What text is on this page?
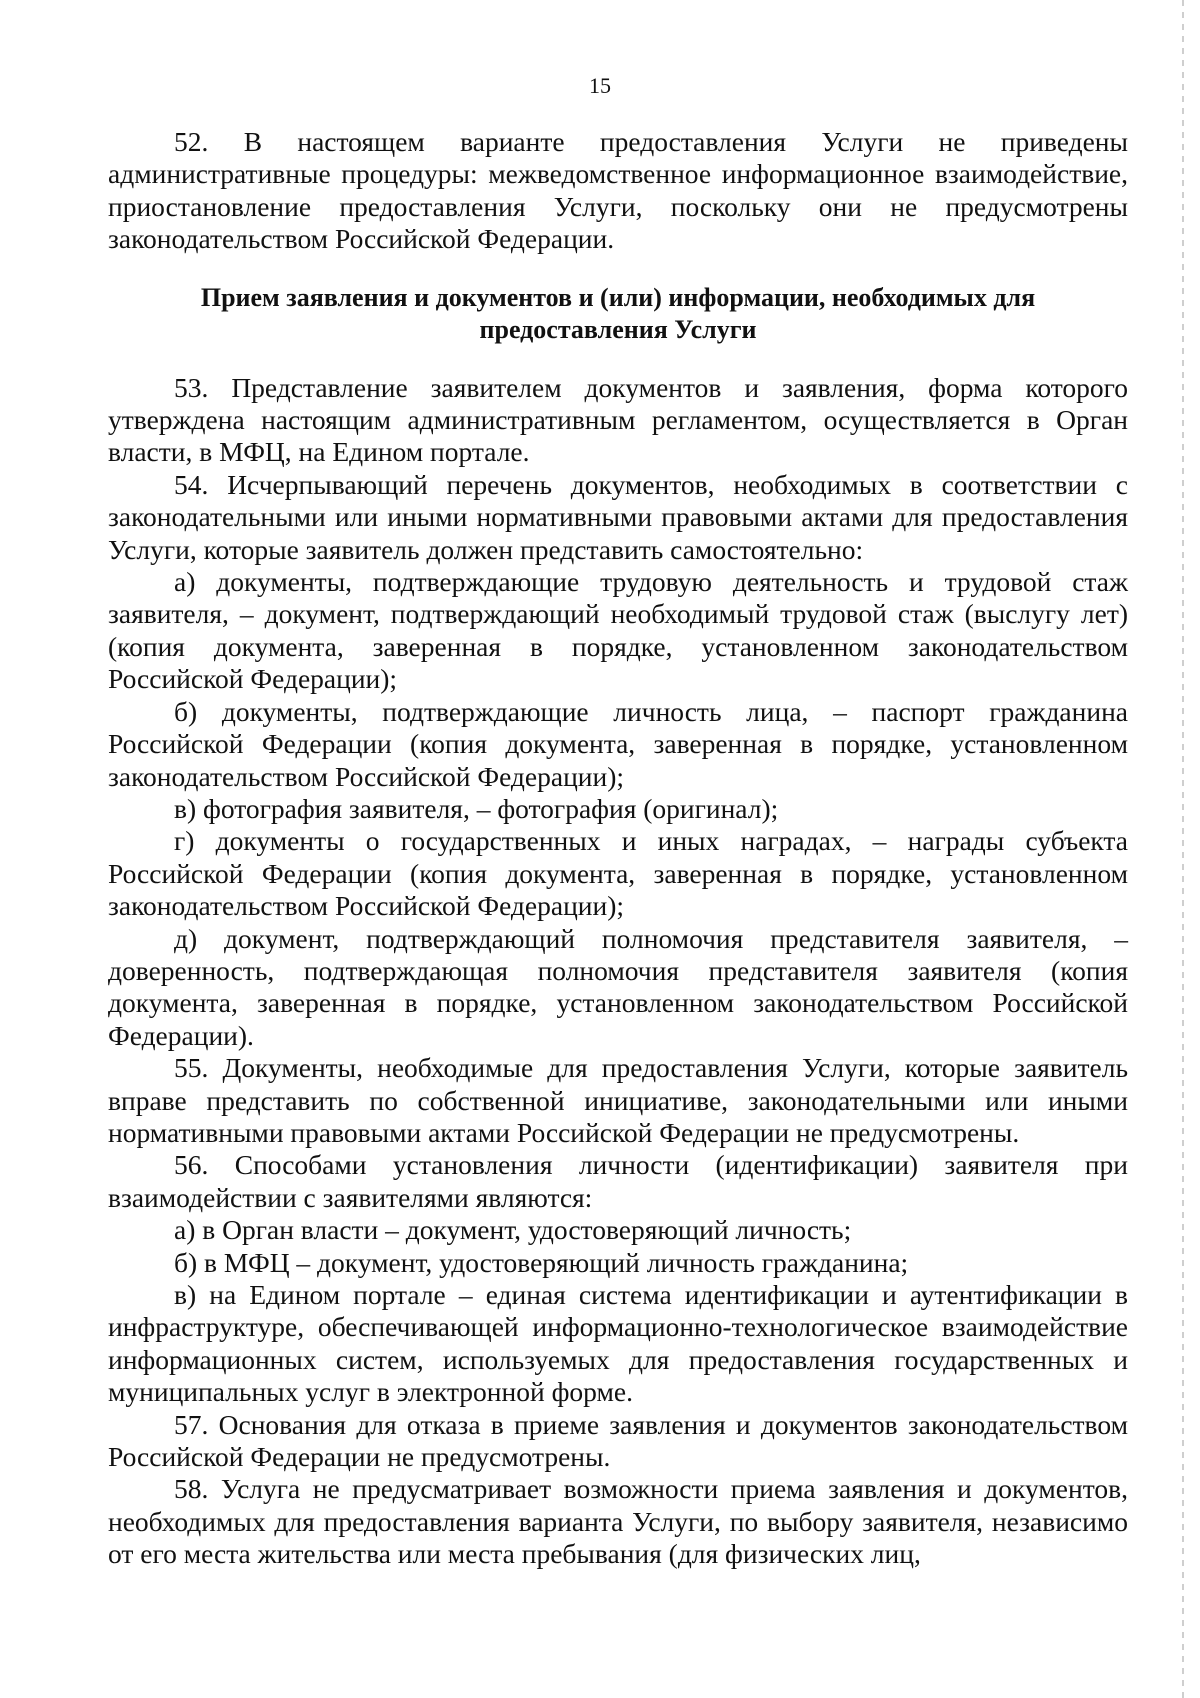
15

52. В настоящем варианте предоставления Услуги не приведены административные процедуры: межведомственное информационное взаимодействие, приостановление предоставления Услуги, поскольку они не предусмотрены законодательством Российской Федерации.

Прием заявления и документов и (или) информации, необходимых для предоставления Услуги

53. Представление заявителем документов и заявления, форма которого утверждена настоящим административным регламентом, осуществляется в Орган власти, в МФЦ, на Едином портале.

54. Исчерпывающий перечень документов, необходимых в соответствии с законодательными или иными нормативными правовыми актами для предоставления Услуги, которые заявитель должен представить самостоятельно:

а) документы, подтверждающие трудовую деятельность и трудовой стаж заявителя, – документ, подтверждающий необходимый трудовой стаж (выслугу лет) (копия документа, заверенная в порядке, установленном законодательством Российской Федерации);

б) документы, подтверждающие личность лица, – паспорт гражданина Российской Федерации (копия документа, заверенная в порядке, установленном законодательством Российской Федерации);

в) фотография заявителя, – фотография (оригинал);

г) документы о государственных и иных наградах, – награды субъекта Российской Федерации (копия документа, заверенная в порядке, установленном законодательством Российской Федерации);

д) документ, подтверждающий полномочия представителя заявителя, – доверенность, подтверждающая полномочия представителя заявителя (копия документа, заверенная в порядке, установленном законодательством Российской Федерации).

55. Документы, необходимые для предоставления Услуги, которые заявитель вправе представить по собственной инициативе, законодательными или иными нормативными правовыми актами Российской Федерации не предусмотрены.

56. Способами установления личности (идентификации) заявителя при взаимодействии с заявителями являются:

а) в Орган власти – документ, удостоверяющий личность;

б) в МФЦ – документ, удостоверяющий личность гражданина;

в) на Едином портале – единая система идентификации и аутентификации в инфраструктуре, обеспечивающей информационно-технологическое взаимодействие информационных систем, используемых для предоставления государственных и муниципальных услуг в электронной форме.

57. Основания для отказа в приеме заявления и документов законодательством Российской Федерации не предусмотрены.

58. Услуга не предусматривает возможности приема заявления и документов, необходимых для предоставления варианта Услуги, по выбору заявителя, независимо от его места жительства или места пребывания (для физических лиц,
